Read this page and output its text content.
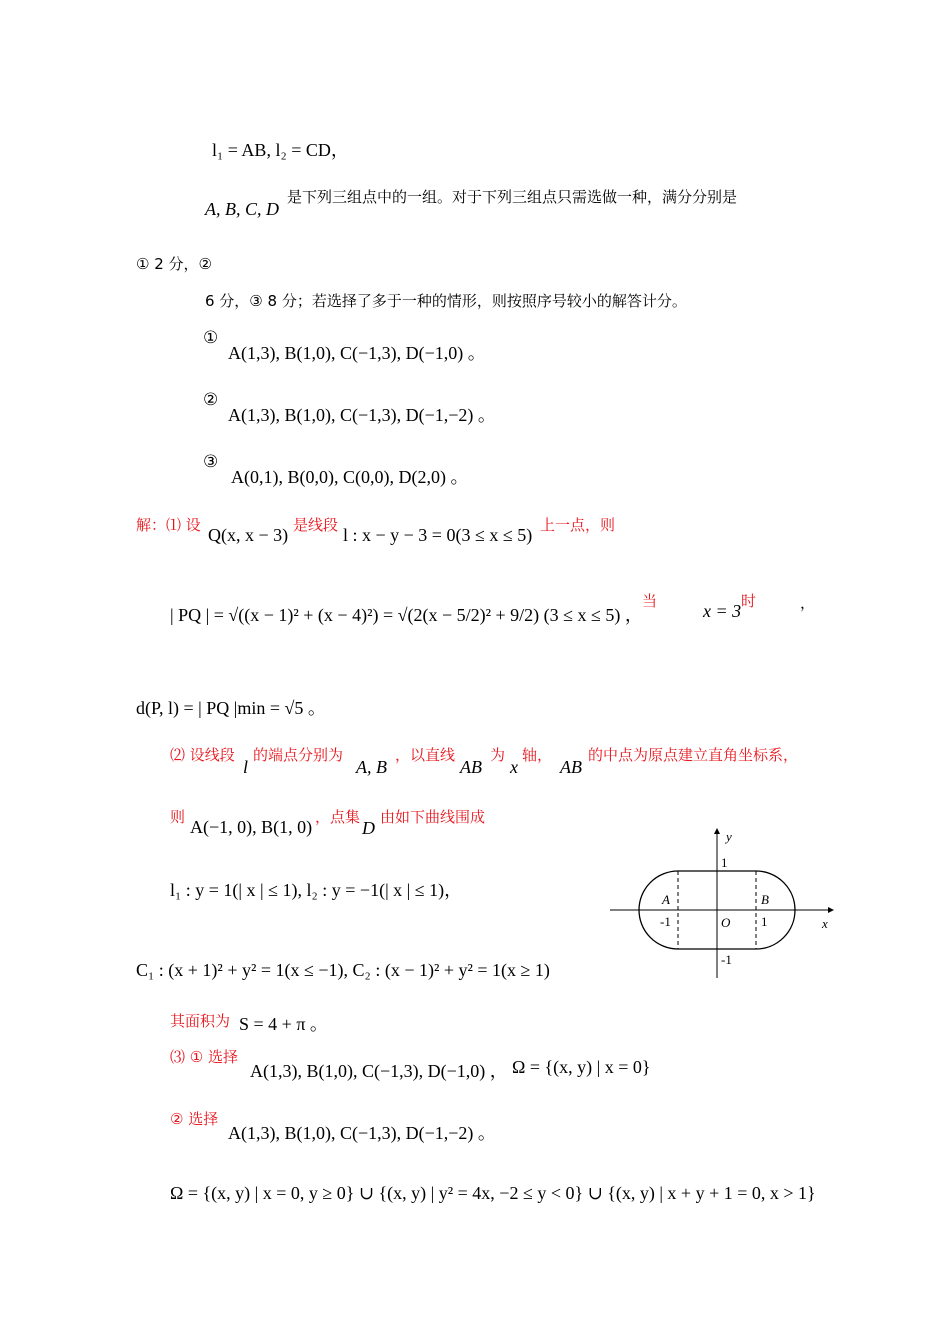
l₁ = AB, l₂ = CD，
是下列三组点中的一组。对于下列三组点只需选做一种，满分分别是
A, B, C, D
① 2 分，②
6 分，③ 8 分；若选择了多于一种的情形，则按照序号较小的解答计分。
①
A(1,3), B(1,0), C(−1,3), D(−1,0) 。
②
A(1,3), B(1,0), C(−1,3), D(−1,−2) 。
③
A(0,1), B(0,0), C(0,0), D(2,0) 。
解：⑴ 设 Q(x, x − 3) 是线段 l : x − y − 3 = 0(3 ≤ x ≤ 5) 上一点，则
| PQ | = √((x − 1)² + (x − 4)²) = √(2(x − 5/2)² + 9/2) (3 ≤ x ≤ 5) ，
当	x = 3 时	，
d(P, l) = | PQ |min = √5 。
⑵ 设线段
l
的端点分别为
A, B
，以直线
AB
为
x
轴，
AB
的中点为原点建立直角坐标系，
则 A(−1, 0), B(1, 0) ，点集
D
由如下曲线围成
l₁ : y = 1(| x | ≤ 1), l₂ : y = −1(| x | ≤ 1)，
C₁ : (x + 1)² + y² = 1(x ≤ −1), C₂ : (x − 1)² + y² = 1(x ≥ 1)
其面积为 S = 4 + π 。
⑶ ① 选择
A(1,3), B(1,0), C(−1,3), D(−1,0) ， Ω = {(x, y) | x = 0}
② 选择
A(1,3), B(1,0), C(−1,3), D(−1,−2) 。
Ω = {(x, y) | x = 0, y ≥ 0} ∪ {(x, y) | y² = 4x, −2 ≤ y < 0} ∪ {(x, y) | x + y + 1 = 0, x > 1}
y
x
1
A	B
-1	O 1
-1
